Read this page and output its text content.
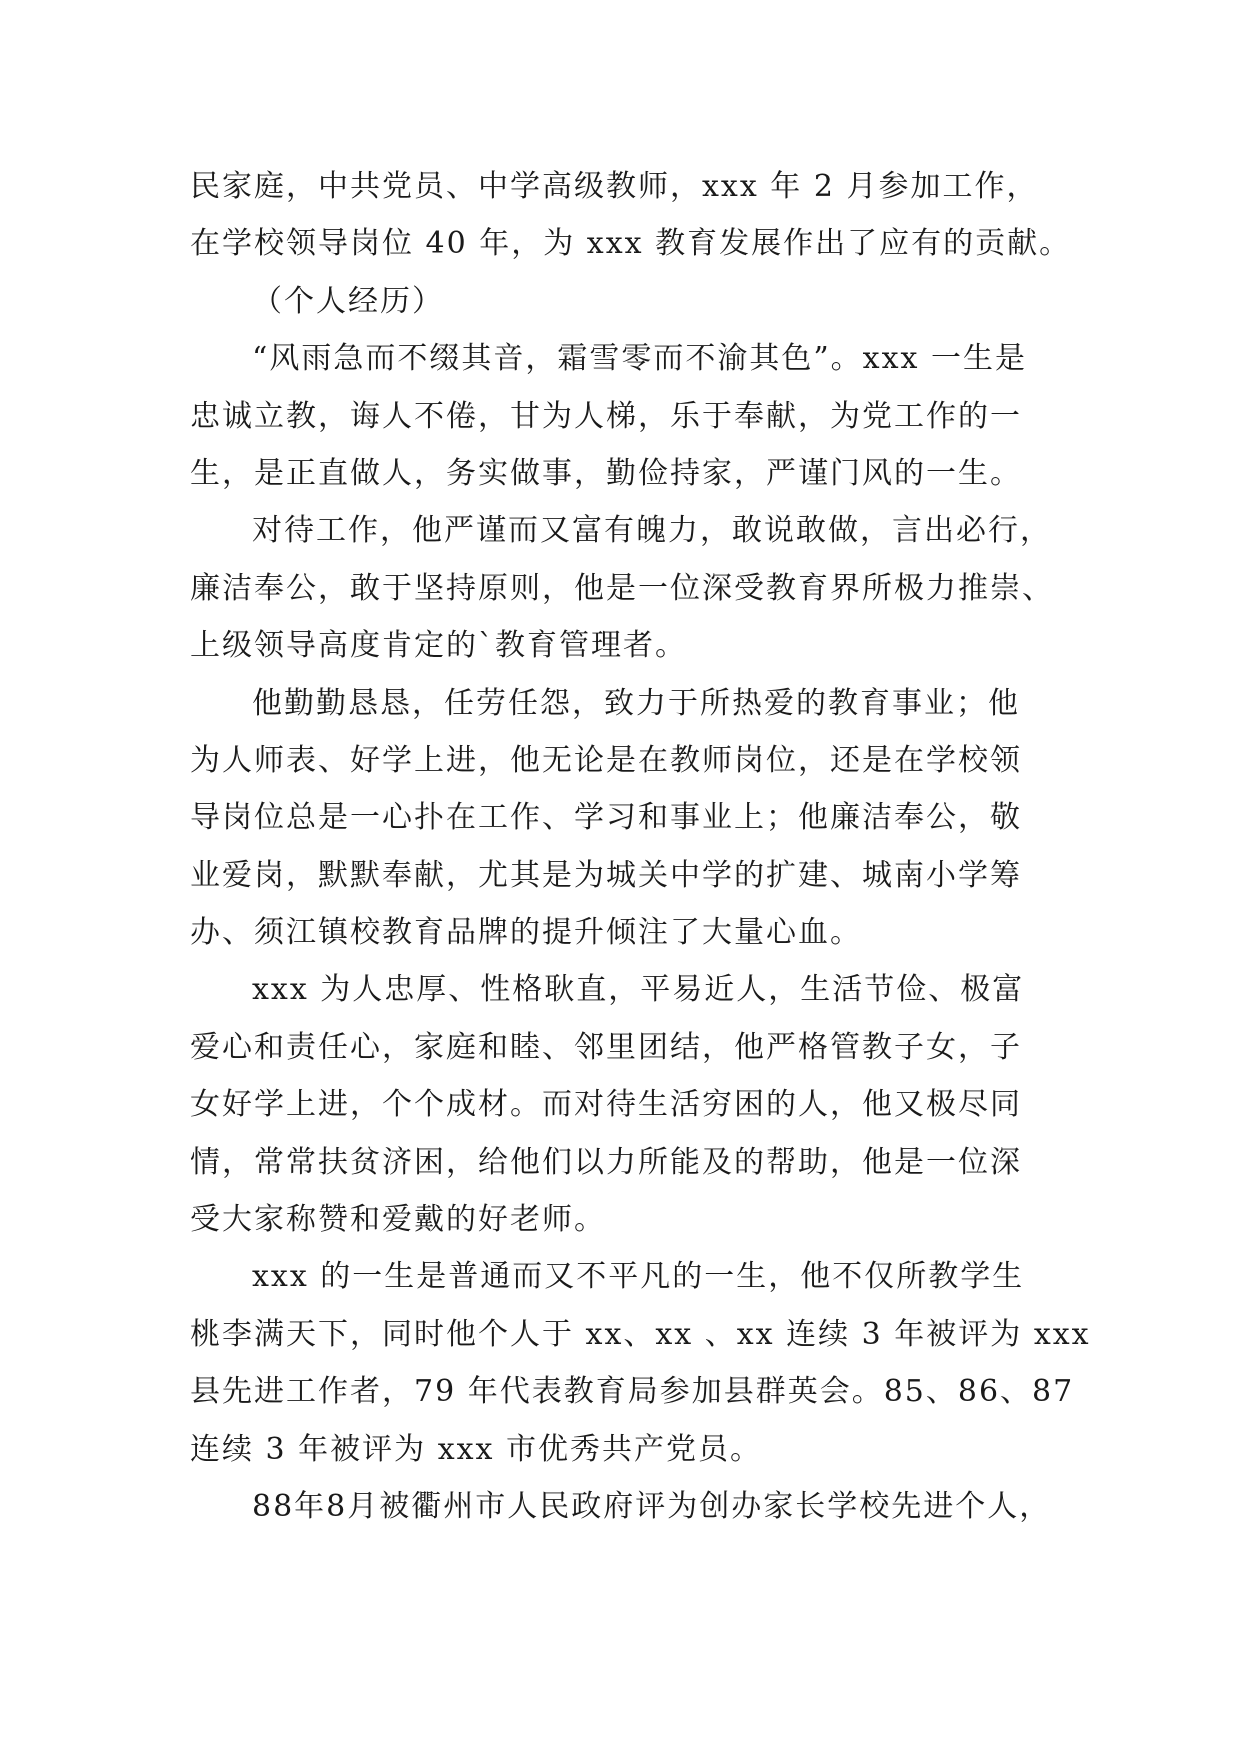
民家庭，中共党员、中学高级教师，xxx 年 2 月参加工作，
在学校领导岗位 40 年，为 xxx 教育发展作出了应有的贡献。
（个人经历）
“风雨急而不缀其音，霜雪零而不渝其色”。xxx 一生是
忠诚立教，诲人不倦，甘为人梯，乐于奉献，为党工作的一
生，是正直做人，务实做事，勤俭持家，严谨门风的一生。
对待工作，他严谨而又富有魄力，敢说敢做，言出必行，
廉洁奉公，敢于坚持原则，他是一位深受教育界所极力推崇、
上级领导高度肯定的`教育管理者。
他勤勤恳恳，任劳任怨，致力于所热爱的教育事业；他
为人师表、好学上进，他无论是在教师岗位，还是在学校领
导岗位总是一心扑在工作、学习和事业上；他廉洁奉公，敬
业爱岗，默默奉献，尤其是为城关中学的扩建、城南小学筹
办、须江镇校教育品牌的提升倾注了大量心血。
xxx 为人忠厚、性格耿直，平易近人，生活节俭、极富
爱心和责任心，家庭和睦、邻里团结，他严格管教子女，子
女好学上进，个个成材。而对待生活穷困的人，他又极尽同
情，常常扶贫济困，给他们以力所能及的帮助，他是一位深
受大家称赞和爱戴的好老师。
xxx 的一生是普通而又不平凡的一生，他不仅所教学生
桃李满天下，同时他个人于 xx、xx 、xx 连续 3 年被评为 xxx
县先进工作者，79 年代表教育局参加县群英会。85、86、87
连续 3 年被评为 xxx 市优秀共产党员。
88年8月被衢州市人民政府评为创办家长学校先进个人，
